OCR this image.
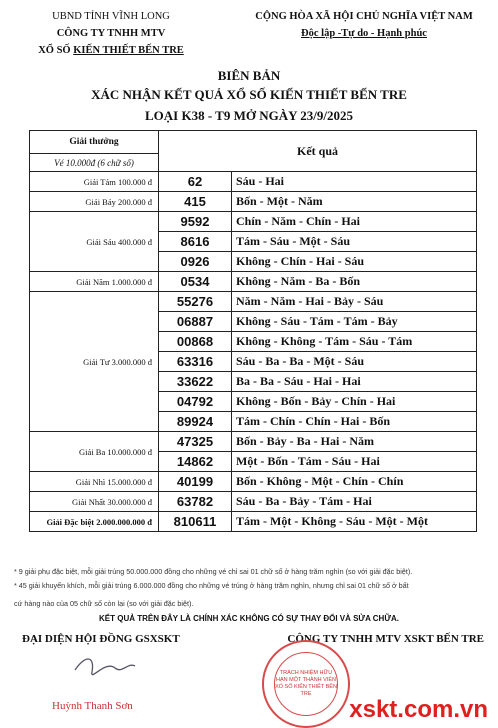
UBND TỈNH VĨNH LONG
CÔNG TY TNHH MTV
XỔ SỐ KIẾN THIẾT BẾN TRE
CỘNG HÒA XÃ HỘI CHỦ NGHĨA VIỆT NAM
Độc lập -Tự do - Hạnh phúc
BIÊN BẢN
XÁC NHẬN KẾT QUẢ XỔ SỐ KIẾN THIẾT BẾN TRE
LOẠI K38 - T9 MỞ NGÀY 23/9/2025
Giải thưởng	Kết quả	
Vé 10.000đ (6 chữ số)		
Giải Tám 100.000 đ	62	Sáu - Hai
Giải Bảy 200.000 đ	415	Bốn - Một - Năm
Giải Sáu 400.000 đ	9592	Chín - Năm - Chín - Hai
	8616	Tám - Sáu - Một - Sáu
	0926	Không - Chín - Hai - Sáu
Giải Năm 1.000.000 đ	0534	Không - Năm - Ba - Bốn
Giải Tư 3.000.000 đ	55276	Năm - Năm - Hai - Bảy - Sáu
	06887	Không - Sáu - Tám - Tám - Bảy
	00868	Không - Không - Tám - Sáu - Tám
	63316	Sáu - Ba - Ba - Một - Sáu
	33622	Ba - Ba - Sáu - Hai - Hai
	04792	Không - Bốn - Bảy - Chín - Hai
	89924	Tám - Chín - Chín - Hai - Bốn
Giải Ba 10.000.000 đ	47325	Bốn - Bảy - Ba - Hai - Năm
	14862	Một - Bốn - Tám - Sáu - Hai
Giải Nhì 15.000.000 đ	40199	Bốn - Không - Một - Chín - Chín
Giải Nhất 30.000.000 đ	63782	Sáu - Ba - Bảy - Tám - Hai
Giải Đặc biệt 2.000.000.000 đ	810611	Tám - Một - Không - Sáu - Một - Một
* 9 giải phụ đặc biệt, mỗi giải trúng 50.000.000 đồng cho những vé chỉ sai 01 chữ số ở hàng trăm nghìn (so với giải đặc biệt).
* 45 giải khuyến khích, mỗi giải trúng 6.000.000 đồng cho những vé trúng ở hàng trăm nghìn, nhưng chỉ sai 01 chữ số ở bất
cứ hàng nào của 05 chữ số còn lại (so với giải đặc biệt).
KẾT QUẢ TRÊN ĐÂY LÀ CHÍNH XÁC KHÔNG CÓ SỰ THAY ĐỔI VÀ SỬA CHỮA.
ĐẠI DIỆN HỘI ĐỒNG GSXSKT	CÔNG TY TNHH MTV XSKT BẾN TRE
Huỳnh Thanh Sơn
TRÁCH NHIỆM HỮU HẠN MỘT THÀNH VIÊN XỔ SỐ KIẾN THIẾT BẾN TRE
xskt.com.vn
